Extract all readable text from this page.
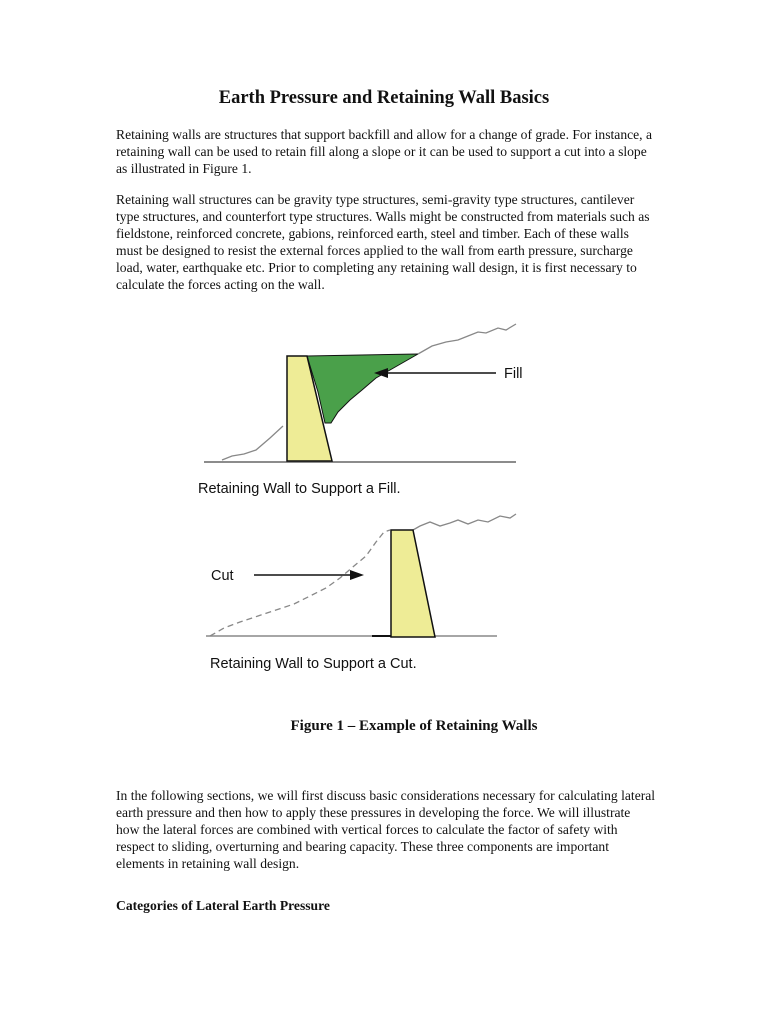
Earth Pressure and Retaining Wall Basics

Retaining walls are structures that support backfill and allow for a change of grade. For instance, a retaining wall can be used to retain fill along a slope or it can be used to support a cut into a slope as illustrated in Figure 1.

Retaining wall structures can be gravity type structures, semi-gravity type structures, cantilever type structures, and counterfort type structures. Walls might be constructed from materials such as fieldstone, reinforced concrete, gabions, reinforced earth, steel and timber. Each of these walls must be designed to resist the external forces applied to the wall from earth pressure, surcharge load, water, earthquake etc. Prior to completing any retaining wall design, it is first necessary to calculate the forces acting on the wall.

Fill
Retaining Wall to Support a Fill.
Cut
Retaining Wall to Support a Cut.

Figure 1 – Example of Retaining Walls

In the following sections, we will first discuss basic considerations necessary for calculating lateral earth pressure and then how to apply these pressures in developing the force. We will illustrate how the lateral forces are combined with vertical forces to calculate the factor of safety with respect to sliding, overturning and bearing capacity. These three components are important elements in retaining wall design.

Categories of Lateral Earth Pressure
